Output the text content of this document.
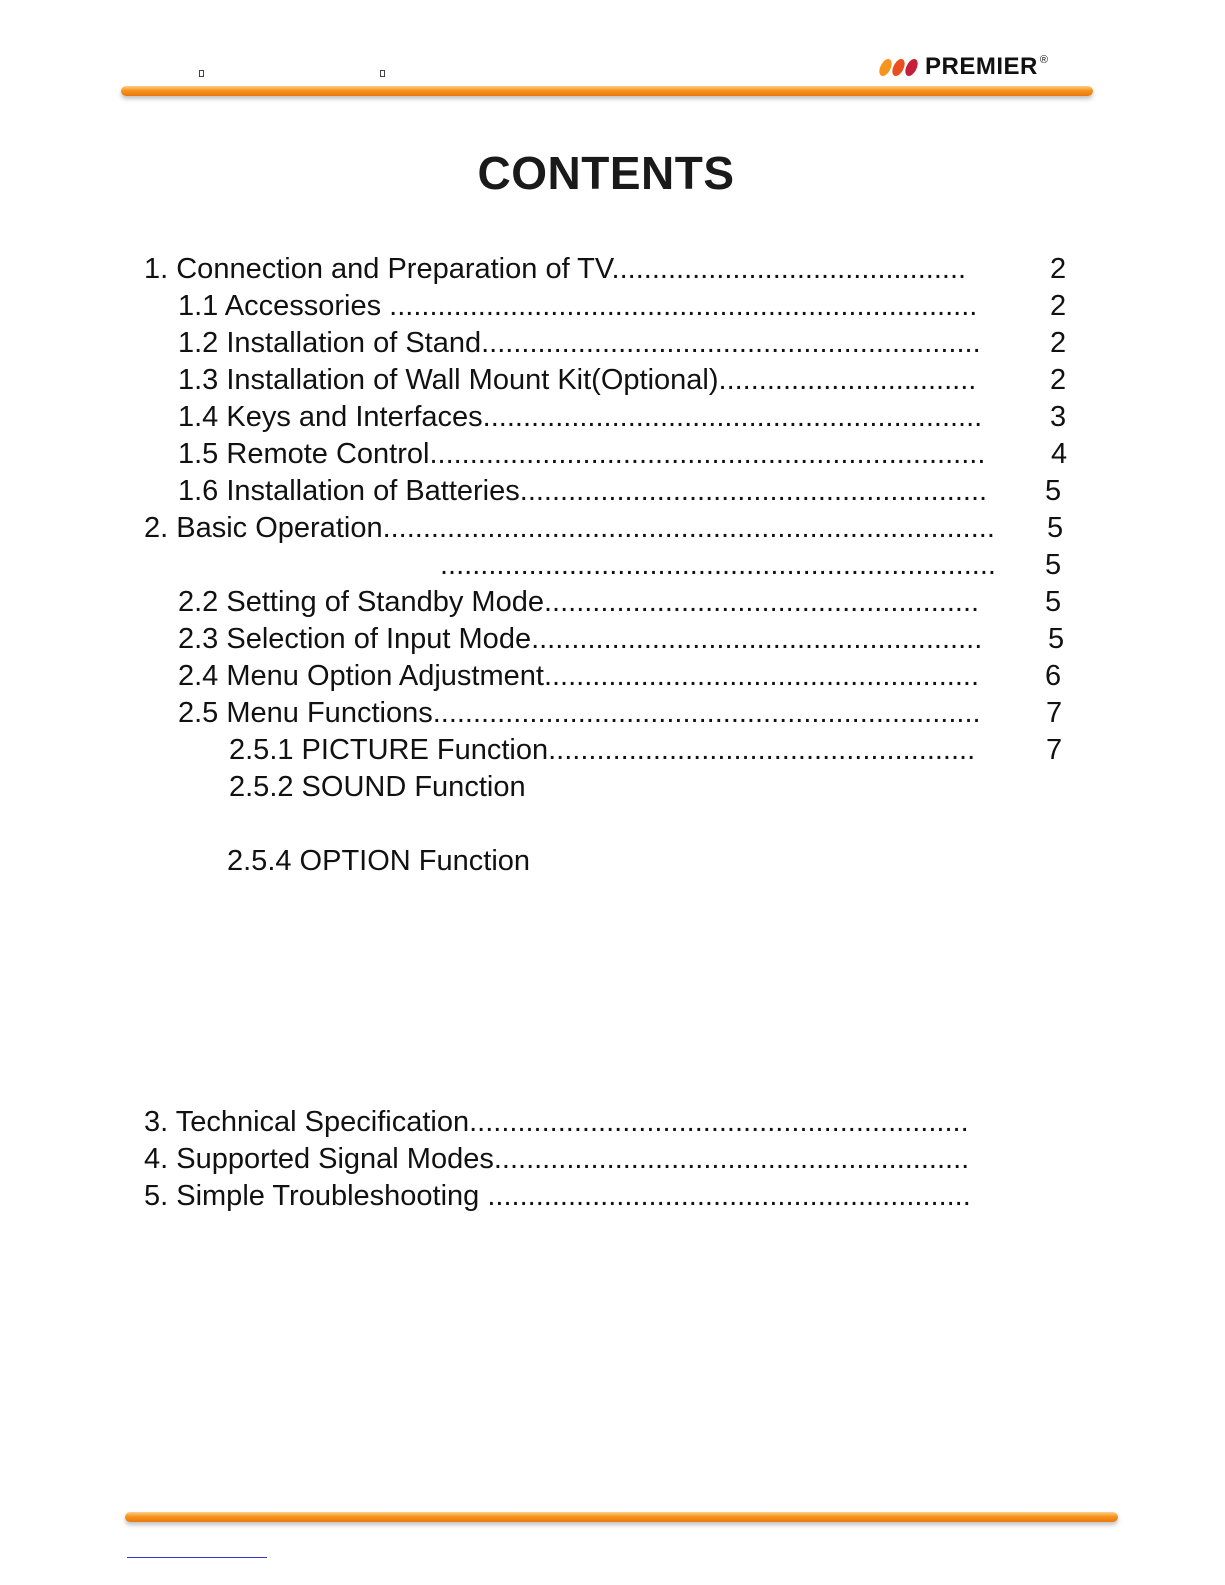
PREMIER ®
CONTENTS
1. Connection and Preparation of TV............................................	2
1.1 Accessories .........................................................................	2
1.2 Installation of Stand.............................................................. 2
1.3 Installation of Wall Mount Kit(Optional)................................	2
1.4 Keys and Interfaces.............................................................. 3
1.5 Remote Control..................................................................... 4
1.6 Installation of Batteries.......................................................... 5
2. Basic Operation............................................................................ 5
..................................................................... 5
2.2 Setting of Standby Mode...................................................... 5
2.3 Selection of Input Mode........................................................ 5
2.4 Menu Option Adjustment...................................................... 6
2.5 Menu Functions.................................................................... 7
2.5.1 PICTURE Function..................................................... 7
2.5.2 SOUND Function
2.5.4 OPTION Function
3. Technical Specification..............................................................
4. Supported Signal Modes...........................................................
5. Simple Troubleshooting ............................................................
